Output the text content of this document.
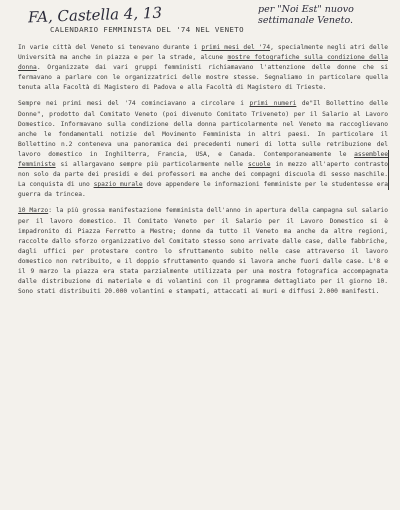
FA, Castella 4, 13	per "Noi Est" nuovo settimanale Veneto.
CALENDARIO FEMMINISTA DEL '74 NEL VENETO

In varie città del Veneto si tenevano durante i primi mesi del '74, specialmente negli atri delle Università ma anche in piazza e per la strade, alcune mostre fotografiche sulla condizione della donna. Organizzate dai vari gruppi femministi richiamavano l'attenzione delle donne che si fermavano a parlare con le organizzatrici delle mostre stesse. Segnaliamo in particolare quella tenuta alla Facoltà di Magistero di Padova e alla Facoltà di Magistero di Trieste.

Sempre nei primi mesi del '74 cominciavano a circolare i primi numeri de"Il Bollettino delle Donne", prodotto dal Comitato Veneto (poi divenuto Comitato Triveneto) per il Salario al Lavoro Domestico. Informavano sulla condizione della donna particolarmente nel Veneto ma raccoglievano anche le fondamentali notizie del Movimento Femminista in altri paesi. In particolare il Bollettino n.2 conteneva una panoramica dei precedenti numeri di lotta sulle retribuzione del lavoro domestico in Inghilterra, Francia, USA, e Canada. Contemporaneamente le assemblee femministe si allargavano sempre più particolarmente nelle scuole in mezzo all'aperto contrasto non solo da parte dei presidi e dei professori ma anche dei compagni discuola di sesso maschile. La conquista di uno spazio murale dove appendere le informazioni femministe per le studentesse era guerra da trincea.

10 Marzo: la più grossa manifestazione femminista dell'anno in apertura della campagna sul salario per il lavoro domestico. Il Comitato Veneto per il Salario per il Lavoro Domestico si è impadronito di Piazza Ferretto a Mestre; donne da tutto il Veneto ma anche da altre regioni, raccolte dallo sforzo organizzativo del Comitato stesso sono arrivate dalle case, dalle fabbriche, dagli uffici per protestare contro lo sfruttamento subito nelle case attraverso il lavoro domestico non retribuito, e il doppio sfruttamento quando si lavora anche fuori dalle case. L'8 e il 9 marzo la piazza era stata parzialmente utilizzata per una mostra fotografica accompagnata dalle distribuzione di materiale e di volantini con il programma dettagliato per il giorno 10. Sono stati distribuiti 20.000 volantini e stampati, attaccati ai muri e diffusi 2.000 manifesti.
